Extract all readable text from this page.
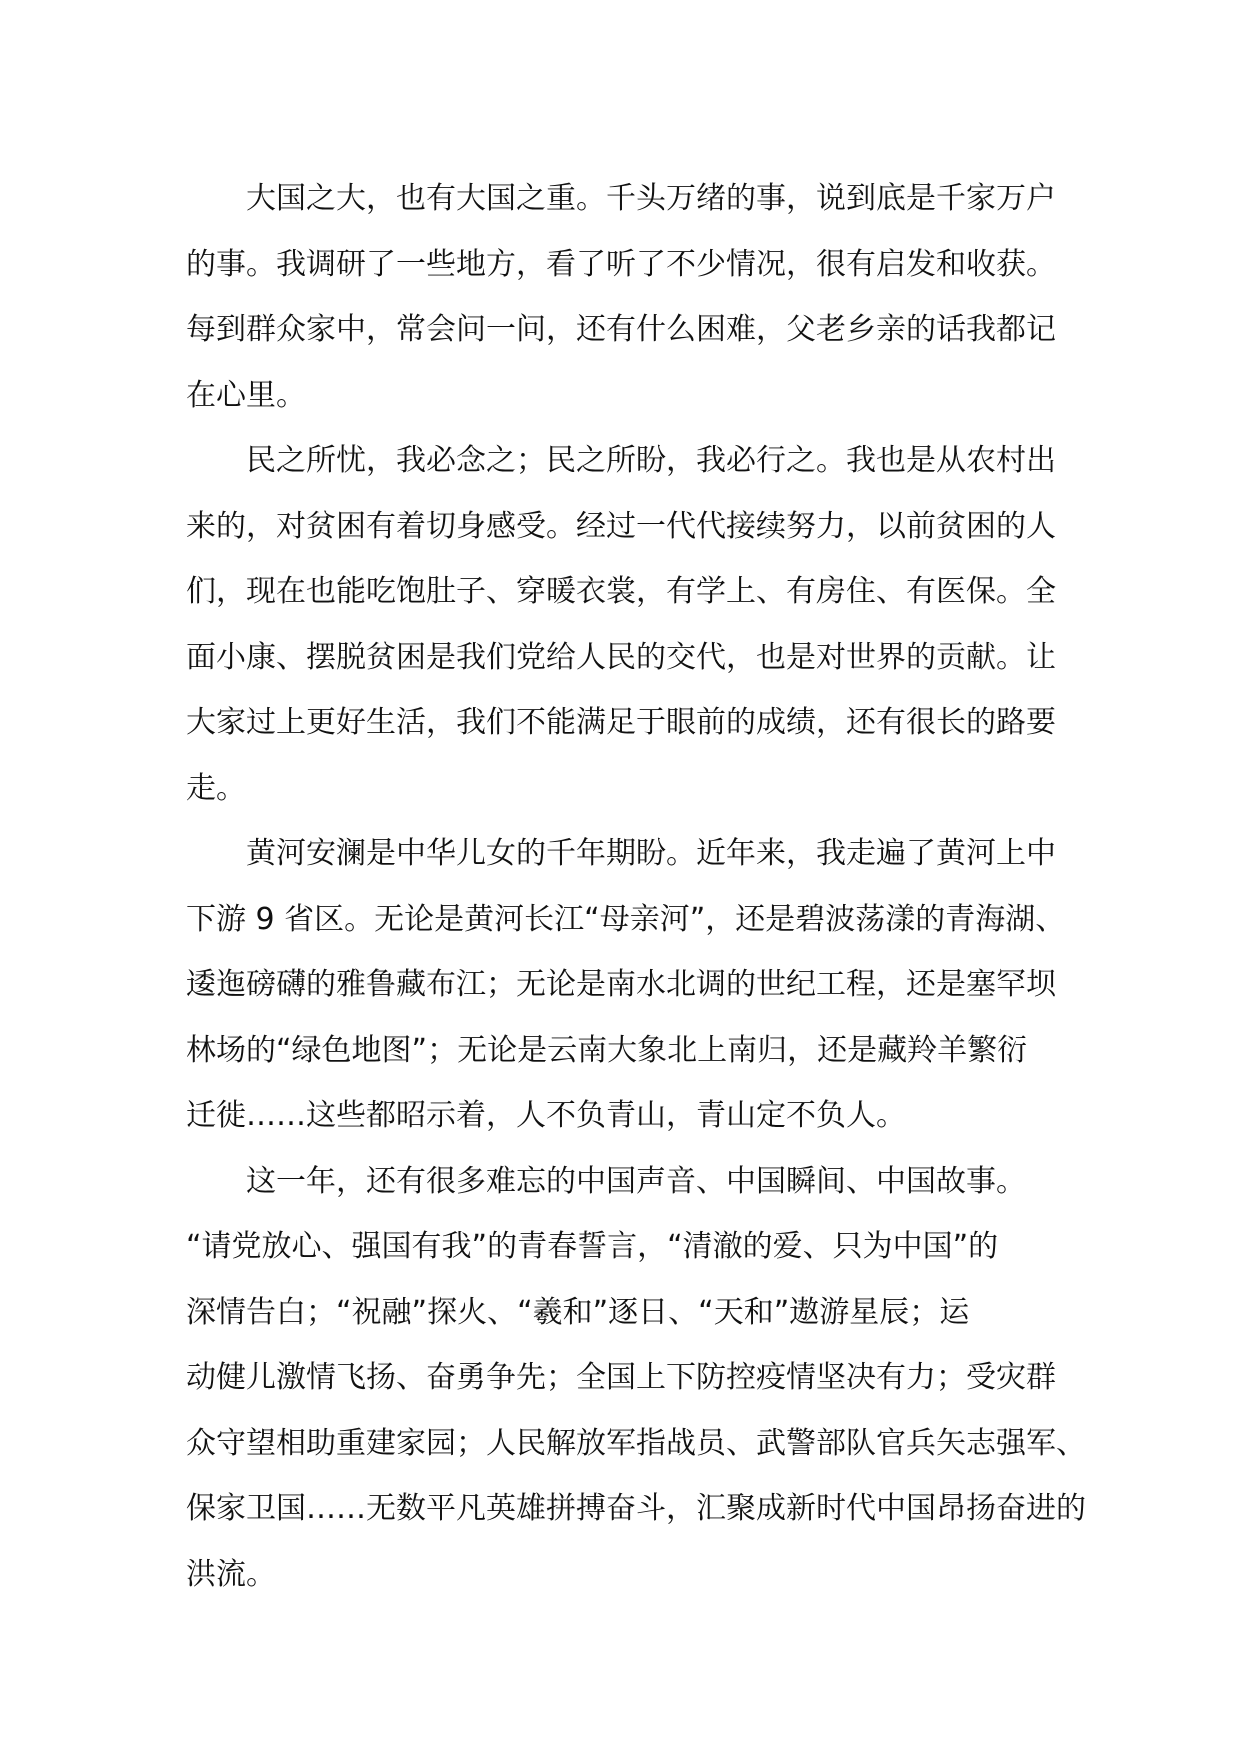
大国之大，也有大国之重。千头万绪的事，说到底是千家万户
的事。我调研了一些地方，看了听了不少情况，很有启发和收获。
每到群众家中，常会问一问，还有什么困难，父老乡亲的话我都记
在心里。

民之所忧，我必念之；民之所盼，我必行之。我也是从农村出
来的，对贫困有着切身感受。经过一代代接续努力，以前贫困的人
们，现在也能吃饱肚子、穿暖衣裳，有学上、有房住、有医保。全
面小康、摆脱贫困是我们党给人民的交代，也是对世界的贡献。让
大家过上更好生活，我们不能满足于眼前的成绩，还有很长的路要
走。

黄河安澜是中华儿女的千年期盼。近年来，我走遍了黄河上中
下游 9 省区。无论是黄河长江“母亲河”，还是碧波荡漾的青海湖、
逶迤磅礴的雅鲁藏布江；无论是南水北调的世纪工程，还是塞罕坝
林场的“绿色地图”；无论是云南大象北上南归，还是藏羚羊繁衍
迁徙……这些都昭示着，人不负青山，青山定不负人。

这一年，还有很多难忘的中国声音、中国瞬间、中国故事。
“请党放心、强国有我”的青春誓言，“清澈的爱、只为中国”的
深情告白；“祝融”探火、“羲和”逐日、“天和”遨游星辰；运
动健儿激情飞扬、奋勇争先；全国上下防控疫情坚决有力；受灾群
众守望相助重建家园；人民解放军指战员、武警部队官兵矢志强军、
保家卫国……无数平凡英雄拼搏奋斗，汇聚成新时代中国昂扬奋进的
洪流。
